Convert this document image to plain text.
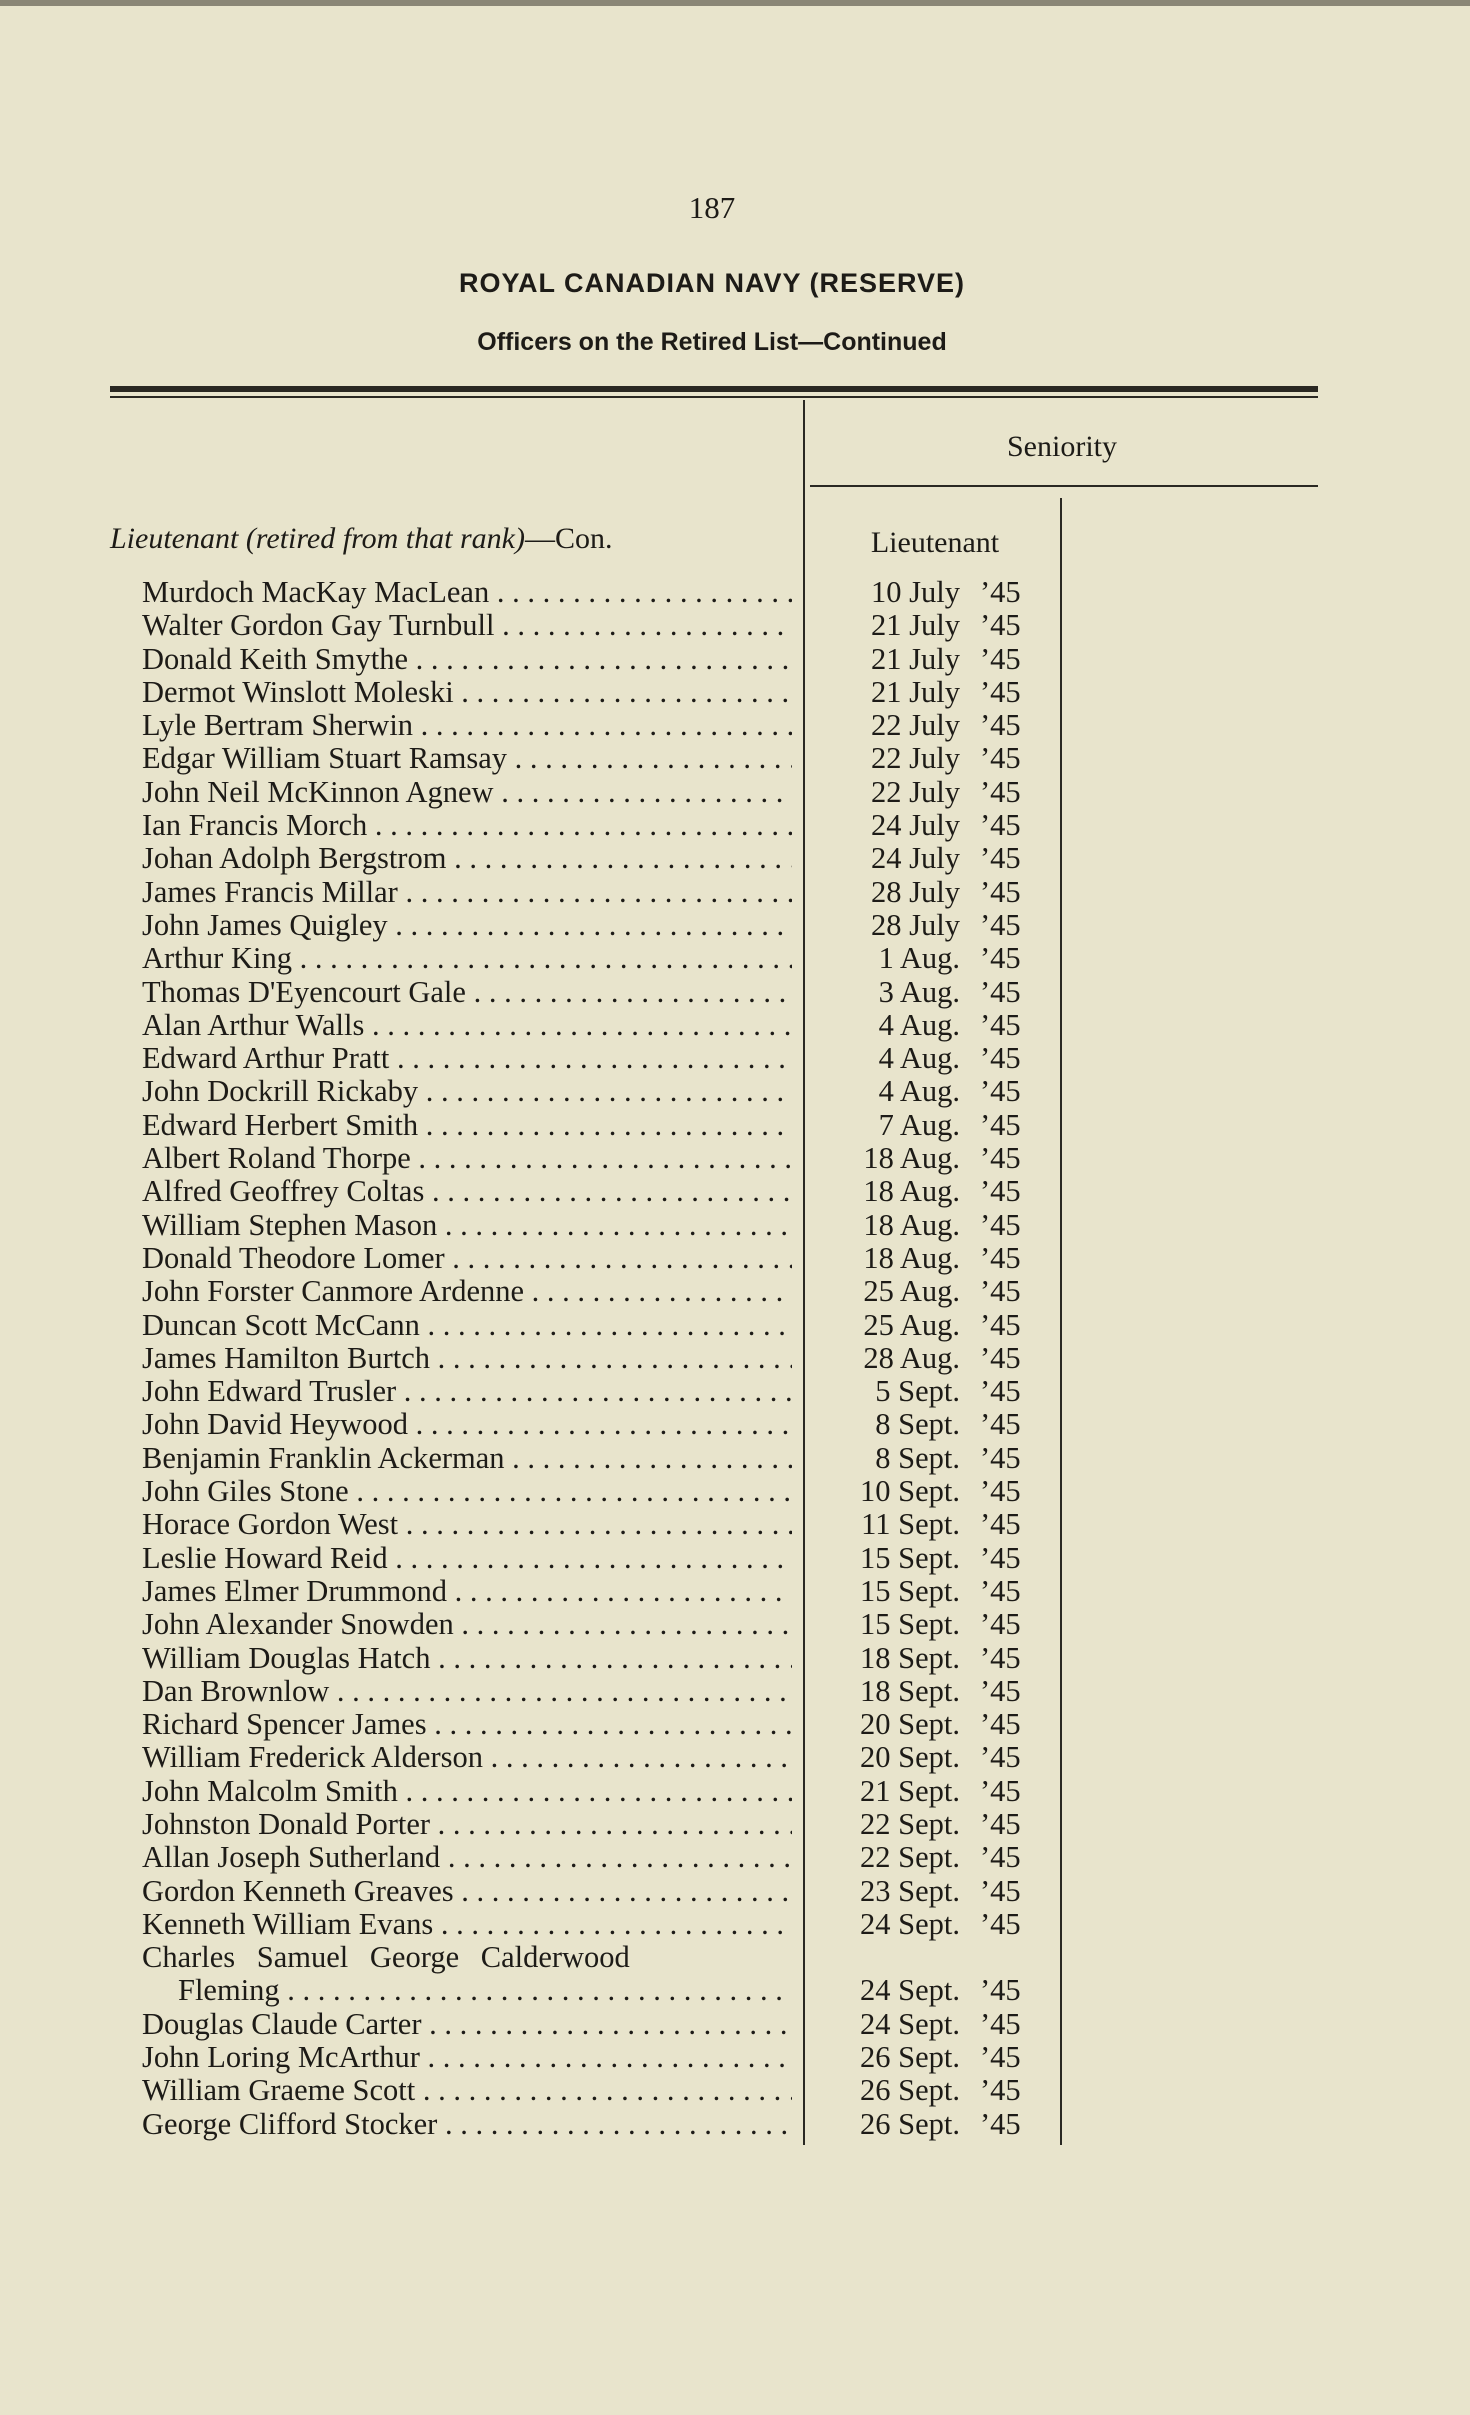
187
ROYAL CANADIAN NAVY (RESERVE)
Officers on the Retired List—Continued
Seniority
Lieutenant (retired from that rank)—Con.	Lieutenant
Murdoch MacKay MacLean . . .	10 July ’45
Walter Gordon Gay Turnbull . . .	21 July ’45
Donald Keith Smythe . . .	21 July ’45
Dermot Winslott Moleski . . .	21 July ’45
Lyle Bertram Sherwin . . .	22 July ’45
Edgar William Stuart Ramsay . . .	22 July ’45
John Neil McKinnon Agnew . . .	22 July ’45
Ian Francis Morch . . .	24 July ’45
Johan Adolph Bergstrom . . .	24 July ’45
James Francis Millar . . .	28 July ’45
John James Quigley . . .	28 July ’45
Arthur King . . .	1 Aug. ’45
Thomas D'Eyencourt Gale . . .	3 Aug. ’45
Alan Arthur Walls . . .	4 Aug. ’45
Edward Arthur Pratt . . .	4 Aug. ’45
John Dockrill Rickaby . . .	4 Aug. ’45
Edward Herbert Smith . . .	7 Aug. ’45
Albert Roland Thorpe . . .	18 Aug. ’45
Alfred Geoffrey Coltas . . .	18 Aug. ’45
William Stephen Mason . . .	18 Aug. ’45
Donald Theodore Lomer . . .	18 Aug. ’45
John Forster Canmore Ardenne . . .	25 Aug. ’45
Duncan Scott McCann . . .	25 Aug. ’45
James Hamilton Burtch . . .	28 Aug. ’45
John Edward Trusler . . .	5 Sept. ’45
John David Heywood . . .	8 Sept. ’45
Benjamin Franklin Ackerman . . .	8 Sept. ’45
John Giles Stone . . .	10 Sept. ’45
Horace Gordon West . . .	11 Sept. ’45
Leslie Howard Reid . . .	15 Sept. ’45
James Elmer Drummond . . .	15 Sept. ’45
John Alexander Snowden . . .	15 Sept. ’45
William Douglas Hatch . . .	18 Sept. ’45
Dan Brownlow . . .	18 Sept. ’45
Richard Spencer James . . .	20 Sept. ’45
William Frederick Alderson . . .	20 Sept. ’45
John Malcolm Smith . . .	21 Sept. ’45
Johnston Donald Porter . . .	22 Sept. ’45
Allan Joseph Sutherland . . .	22 Sept. ’45
Gordon Kenneth Greaves . . .	23 Sept. ’45
Kenneth William Evans . . .	24 Sept. ’45
Charles Samuel George Calderwood
Fleming . . .	24 Sept. ’45
Douglas Claude Carter . . .	24 Sept. ’45
John Loring McArthur . . .	26 Sept. ’45
William Graeme Scott . . .	26 Sept. ’45
George Clifford Stocker . . .	26 Sept. ’45
